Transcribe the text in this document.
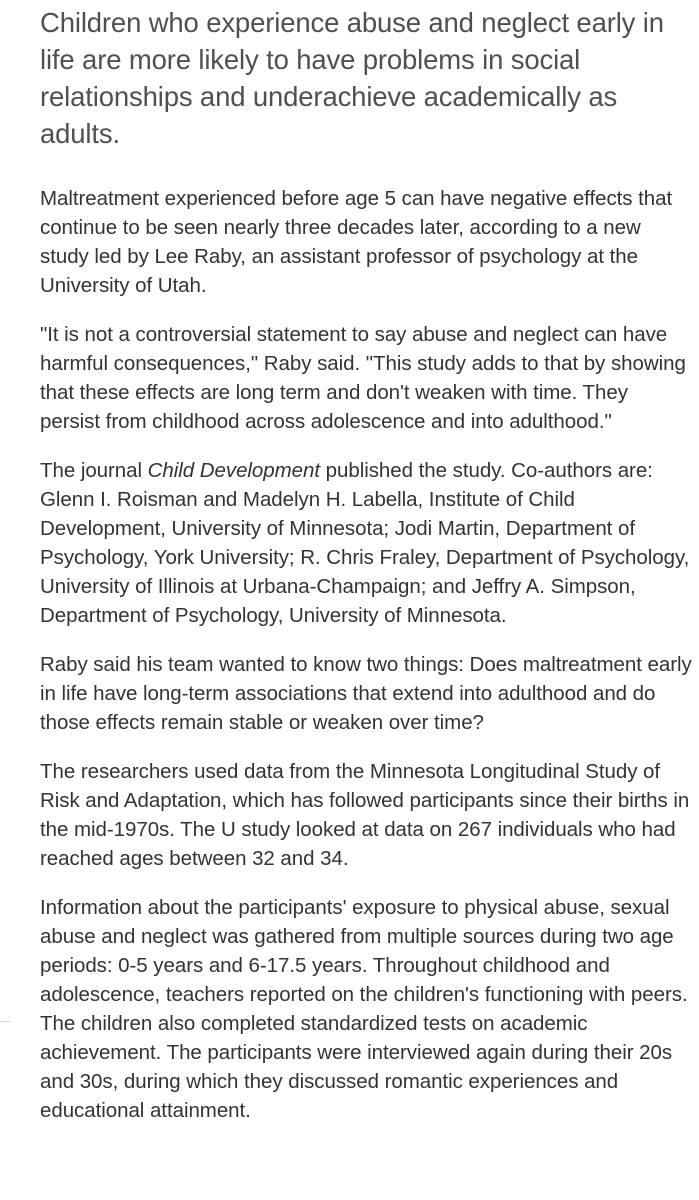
Children who experience abuse and neglect early in life are more likely to have problems in social relationships and underachieve academically as adults.

Maltreatment experienced before age 5 can have negative effects that continue to be seen nearly three decades later, according to a new study led by Lee Raby, an assistant professor of psychology at the University of Utah.

"It is not a controversial statement to say abuse and neglect can have harmful consequences," Raby said. "This study adds to that by showing that these effects are long term and don't weaken with time. They persist from childhood across adolescence and into adulthood."

The journal Child Development published the study. Co-authors are: Glenn I. Roisman and Madelyn H. Labella, Institute of Child Development, University of Minnesota; Jodi Martin, Department of Psychology, York University; R. Chris Fraley, Department of Psychology, University of Illinois at Urbana-Champaign; and Jeffry A. Simpson, Department of Psychology, University of Minnesota.

Raby said his team wanted to know two things: Does maltreatment early in life have long-term associations that extend into adulthood and do those effects remain stable or weaken over time?

The researchers used data from the Minnesota Longitudinal Study of Risk and Adaptation, which has followed participants since their births in the mid-1970s. The U study looked at data on 267 individuals who had reached ages between 32 and 34.

Information about the participants' exposure to physical abuse, sexual abuse and neglect was gathered from multiple sources during two age periods: 0-5 years and 6-17.5 years. Throughout childhood and adolescence, teachers reported on the children's functioning with peers. The children also completed standardized tests on academic achievement. The participants were interviewed again during their 20s and 30s, during which they discussed romantic experiences and educational attainment.
